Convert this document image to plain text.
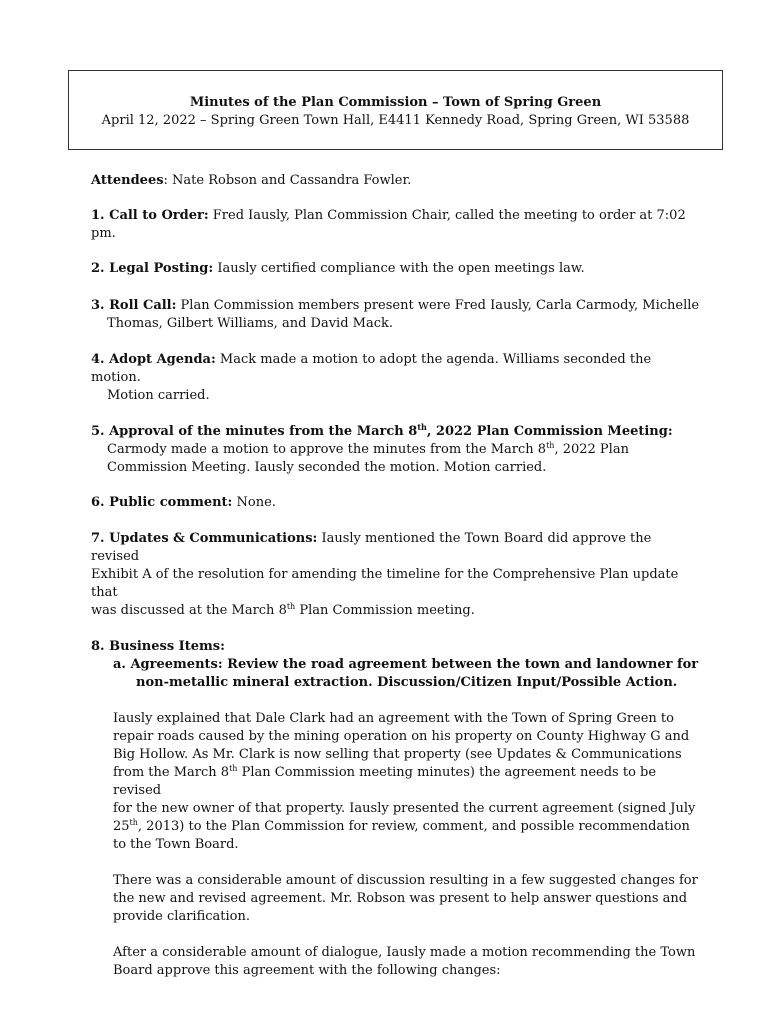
Minutes of the Plan Commission – Town of Spring Green
April 12, 2022 – Spring Green Town Hall, E4411 Kennedy Road, Spring Green, WI 53588

Attendees: Nate Robson and Cassandra Fowler.

1. Call to Order: Fred Iausly, Plan Commission Chair, called the meeting to order at 7:02 pm.

2. Legal Posting: Iausly certified compliance with the open meetings law.

3. Roll Call: Plan Commission members present were Fred Iausly, Carla Carmody, Michelle

Thomas, Gilbert Williams, and David Mack.

4. Adopt Agenda: Mack made a motion to adopt the agenda. Williams seconded the motion.

Motion carried.

5. Approval of the minutes from the March 8th, 2022 Plan Commission Meeting:

Carmody made a motion to approve the minutes from the March 8th, 2022 Plan

Commission Meeting. Iausly seconded the motion. Motion carried.

6. Public comment: None.

7. Updates & Communications: Iausly mentioned the Town Board did approve the revised

Exhibit A of the resolution for amending the timeline for the Comprehensive Plan update that

was discussed at the March 8th Plan Commission meeting.

8. Business Items:

a. Agreements: Review the road agreement between the town and landowner for

non-metallic mineral extraction. Discussion/Citizen Input/Possible Action.

Iausly explained that Dale Clark had an agreement with the Town of Spring Green to

repair roads caused by the mining operation on his property on County Highway G and

Big Hollow. As Mr. Clark is now selling that property (see Updates & Communications

from the March 8th Plan Commission meeting minutes) the agreement needs to be revised

for the new owner of that property. Iausly presented the current agreement (signed July

25th, 2013) to the Plan Commission for review, comment, and possible recommendation

to the Town Board.

There was a considerable amount of discussion resulting in a few suggested changes for

the new and revised agreement. Mr. Robson was present to help answer questions and

provide clarification.

After a considerable amount of dialogue, Iausly made a motion recommending the Town

Board approve this agreement with the following changes:
